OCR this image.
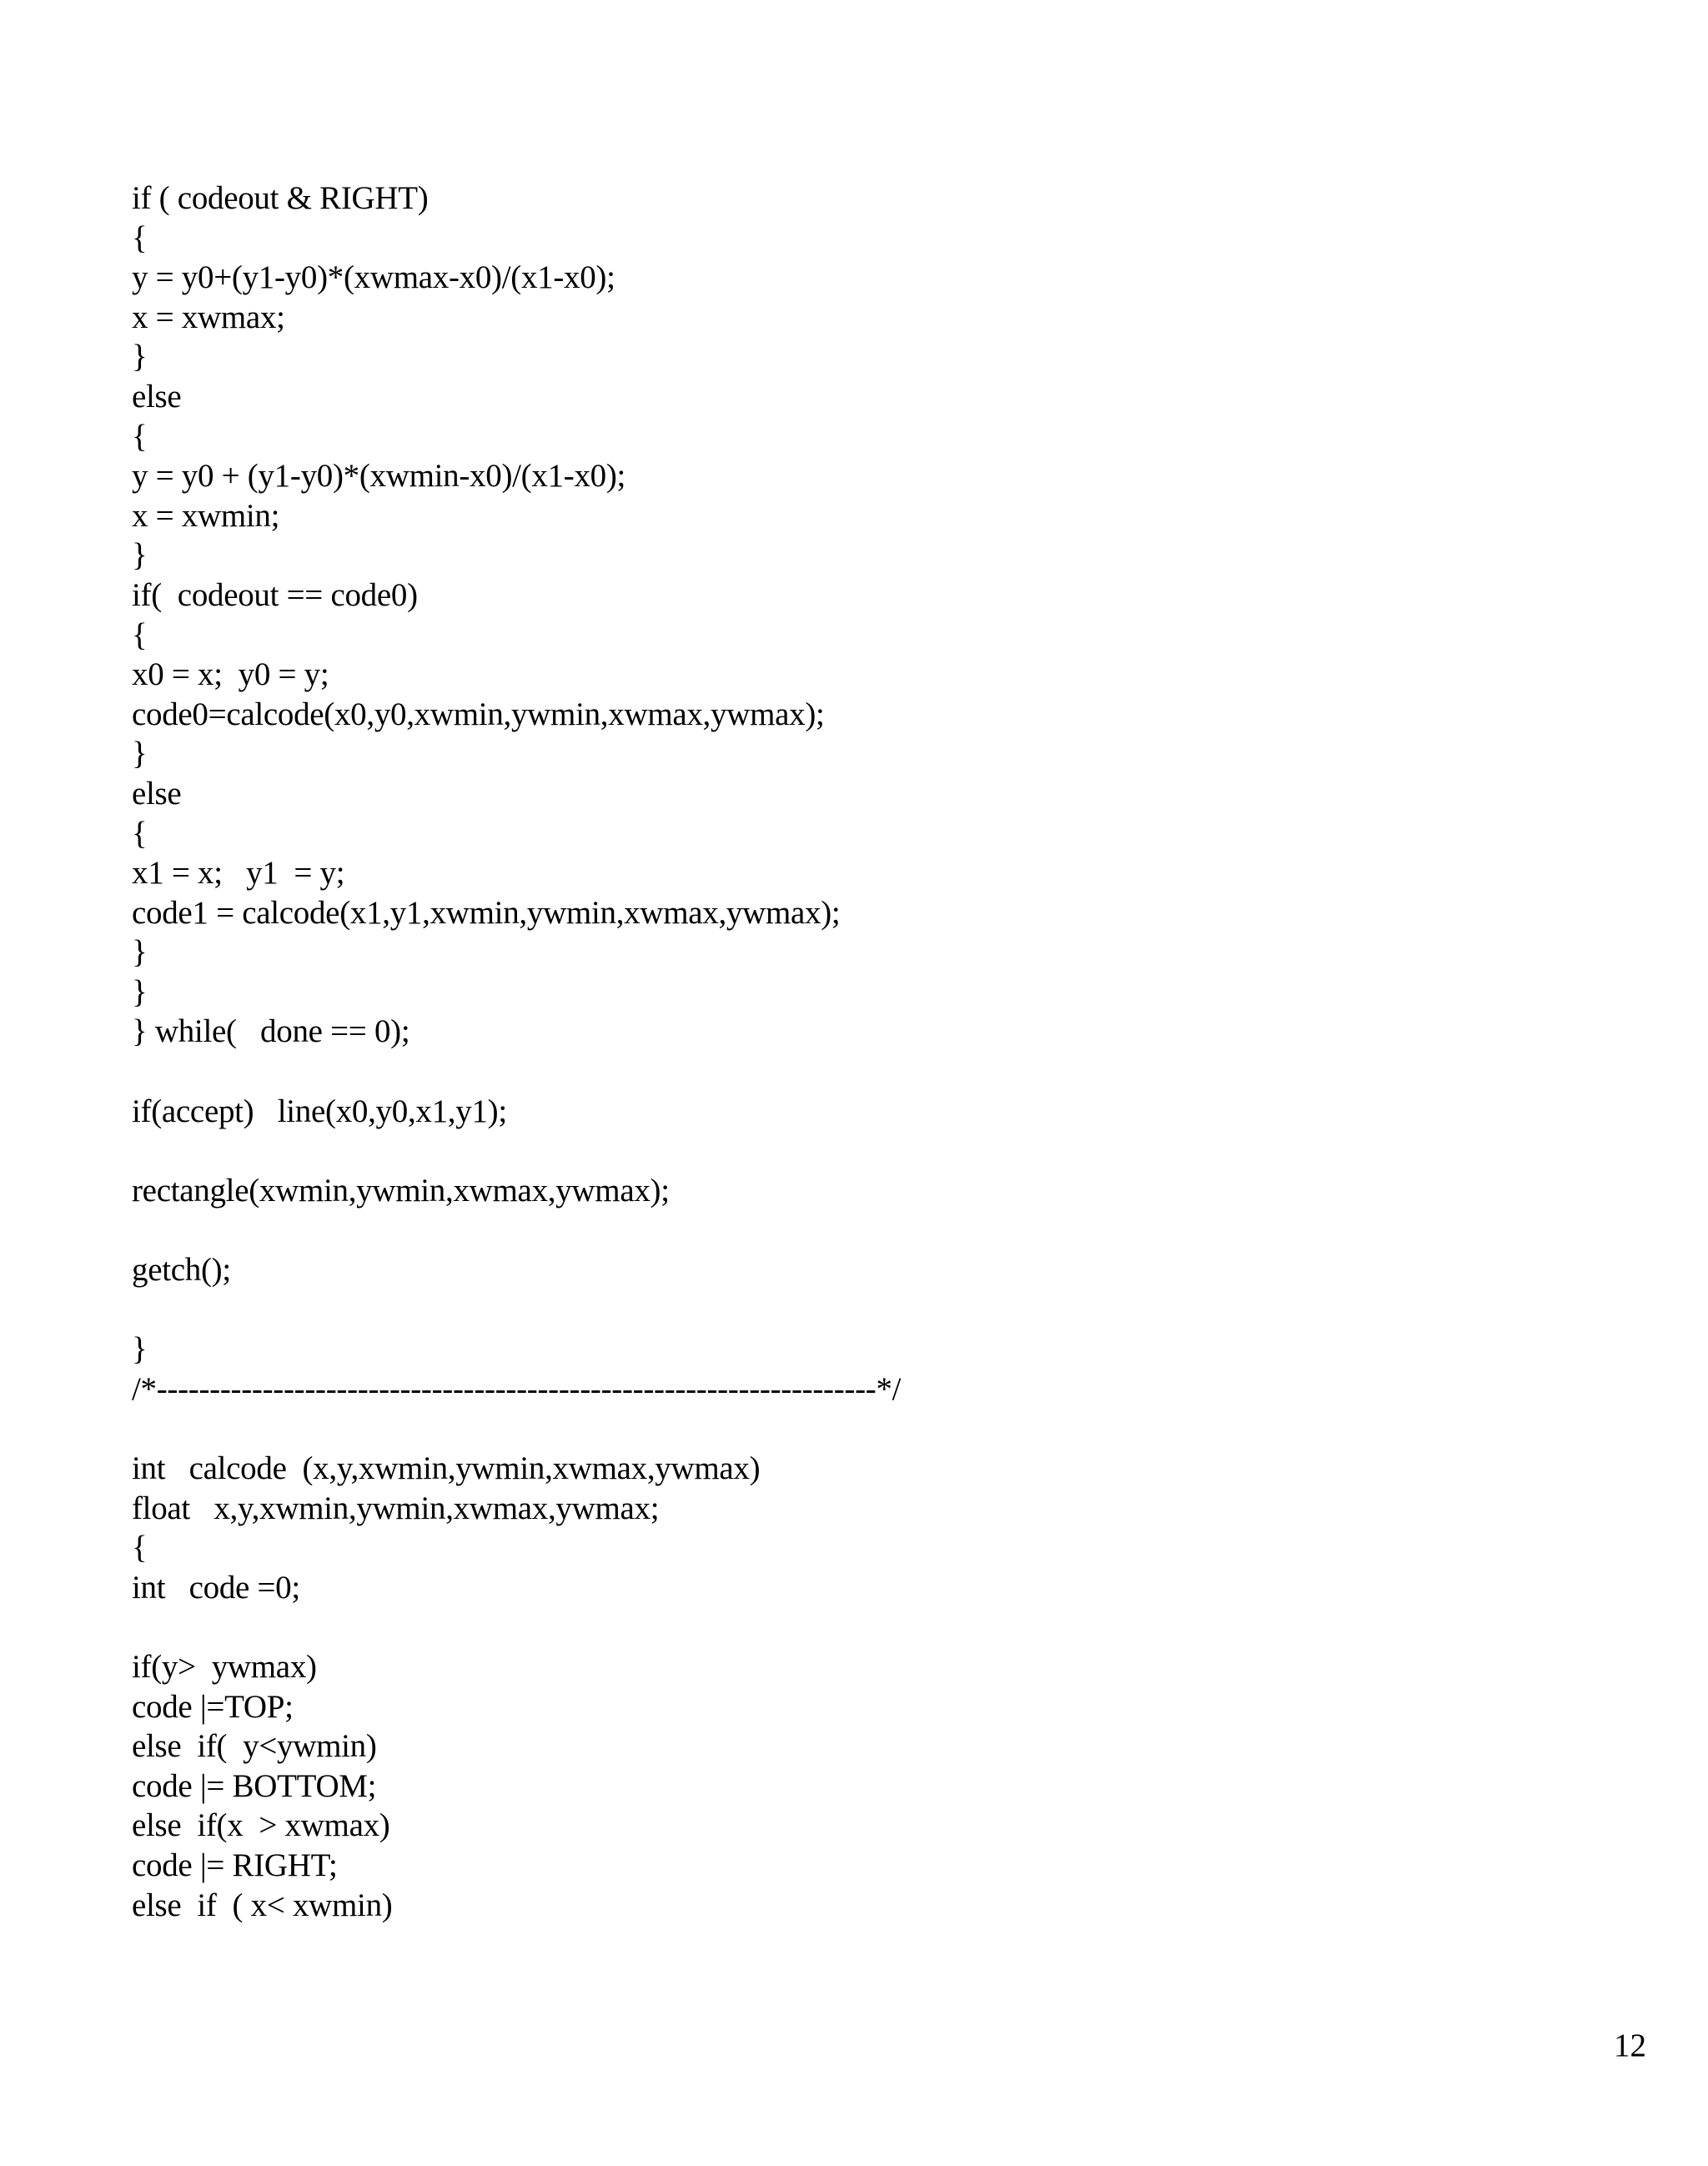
if ( codeout & RIGHT)
{
y = y0+(y1-y0)*(xwmax-x0)/(x1-x0);
x = xwmax;
}
else
{
y = y0 + (y1-y0)*(xwmin-x0)/(x1-x0);
x = xwmin;
}
if(  codeout == code0)
{
x0 = x;  y0 = y;
code0=calcode(x0,y0,xwmin,ywmin,xwmax,ywmax);
}
else
{
x1 = x;   y1  = y;
code1 = calcode(x1,y1,xwmin,ywmin,xwmax,ywmax);
}
}
} while(   done == 0);
if(accept)   line(x0,y0,x1,y1);
rectangle(xwmin,ywmin,xwmax,ywmax);
getch();
}
/*--------------------------------------------------------------------*/
int   calcode  (x,y,xwmin,ywmin,xwmax,ywmax)
float   x,y,xwmin,ywmin,xwmax,ywmax;
{
int   code =0;
if(y>  ywmax)
code |=TOP;
else  if(  y<ywmin)
code |= BOTTOM;
else  if(x  > xwmax)
code |= RIGHT;
else  if  ( x< xwmin)
12
